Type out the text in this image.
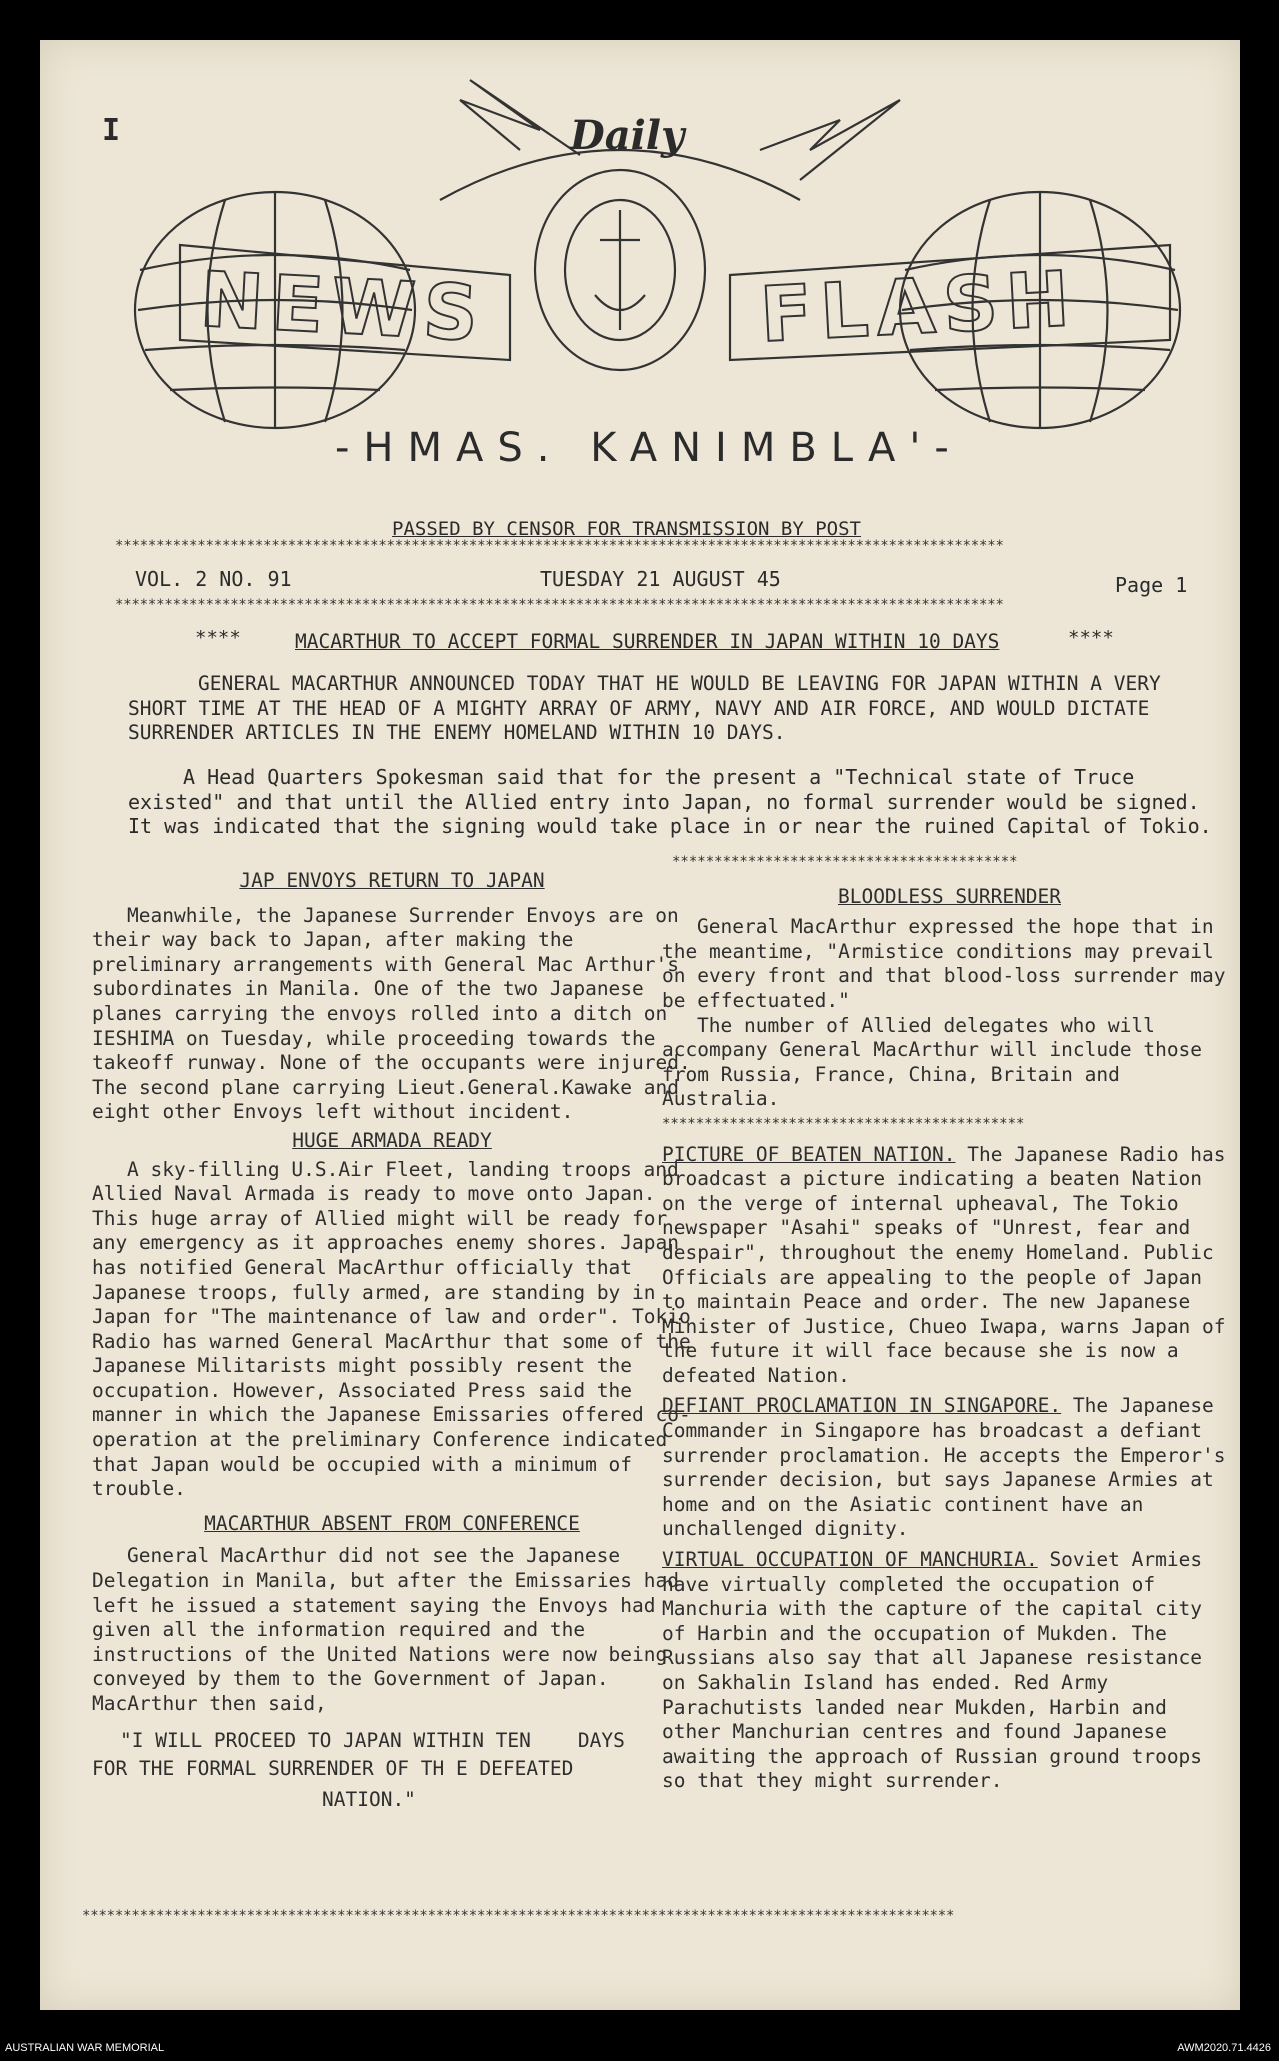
I	Daily
NEWS	FLASH
-HMAS. KANIMBLA'-
PASSED BY CENSOR FOR TRANSMISSION BY POST
************************************************************************************************************
VOL. 2 NO. 91	TUESDAY 21 AUGUST 45	Page 1
************************************************************************************************************
****	MACARTHUR TO ACCEPT FORMAL SURRENDER IN JAPAN WITHIN 10 DAYS	****
GENERAL MACARTHUR ANNOUNCED TODAY THAT HE WOULD BE LEAVING FOR JAPAN WITHIN A VERY SHORT TIME AT THE HEAD OF A MIGHTY ARRAY OF ARMY, NAVY AND AIR FORCE, AND WOULD DICTATE SURRENDER ARTICLES IN THE ENEMY HOMELAND WITHIN 10 DAYS.
A Head Quarters Spokesman said that for the present a "Technical state of Truce existed" and that until the Allied entry into Japan, no formal surrender would be signed. It was indicated that the signing would take place in or near the ruined Capital of Tokio.
JAP ENVOYS RETURN TO JAPAN

Meanwhile, the Japanese Surrender Envoys are on their way back to Japan, after making the preliminary arrangements with General Mac Arthur's subordinates in Manila. One of the two Japanese planes carrying the envoys rolled into a ditch on IESHIMA on Tuesday, while proceeding towards the takeoff runway. None of the occupants were injured. The second plane carrying Lieut.General.Kawake and eight other Envoys left without incident.

HUGE ARMADA READY

A sky-filling U.S.Air Fleet, landing troops and Allied Naval Armada is ready to move onto Japan. This huge array of Allied might will be ready for any emergency as it approaches enemy shores. Japan has notified General MacArthur officially that Japanese troops, fully armed, are standing by in Japan for "The maintenance of law and order". Tokio Radio has warned General MacArthur that some of the Japanese Militarists might possibly resent the occupation. However, Associated Press said the manner in which the Japanese Emissaries offered co-operation at the preliminary Conference indicated that Japan would be occupied with a minimum of trouble.

MACARTHUR ABSENT FROM CONFERENCE

General MacArthur did not see the Japanese Delegation in Manila, but after the Emissaries had left he issued a statement saying the Envoys had given all the information required and the instructions of the United Nations were now being conveyed by them to the Government of Japan. MacArthur then said,

"I WILL PROCEED TO JAPAN WITHIN TEN    DAYS
FOR THE FORMAL SURRENDER OF TH E DEFEATED
NATION."
*****************************************
BLOODLESS SURRENDER

General MacArthur expressed the hope that in the meantime, "Armistice conditions may prevail on every front and that blood-loss surrender may be effectuated."

The number of Allied delegates who will accompany General MacArthur will include those from Russia, France, China, Britain and Australia.

*******************************************
PICTURE OF BEATEN NATION. The Japanese Radio has broadcast a picture indicating a beaten Nation on the verge of internal upheaval, The Tokio newspaper "Asahi" speaks of "Unrest, fear and despair", throughout the enemy Homeland. Public Officials are appealing to the people of Japan to maintain Peace and order. The new Japanese Minister of Justice, Chueo Iwapa, warns Japan of the future it will face because she is now a defeated Nation.
DEFIANT PROCLAMATION IN SINGAPORE. The Japanese Commander in Singapore has broadcast a defiant surrender proclamation. He accepts the Emperor's surrender decision, but says Japanese Armies at home and on the Asiatic continent have an unchallenged dignity.
VIRTUAL OCCUPATION OF MANCHURIA. Soviet Armies have virtually completed the occupation of Manchuria with the capture of the capital city of Harbin and the occupation of Mukden. The Russians also say that all Japanese resistance on Sakhalin Island has ended. Red Army Parachutists landed near Mukden, Harbin and other Manchurian centres and found Japanese awaiting the approach of Russian ground troops so that they might surrender.
**********************************************************************************************************
AUSTRALIAN WAR MEMORIAL	AWM2020.71.4426
